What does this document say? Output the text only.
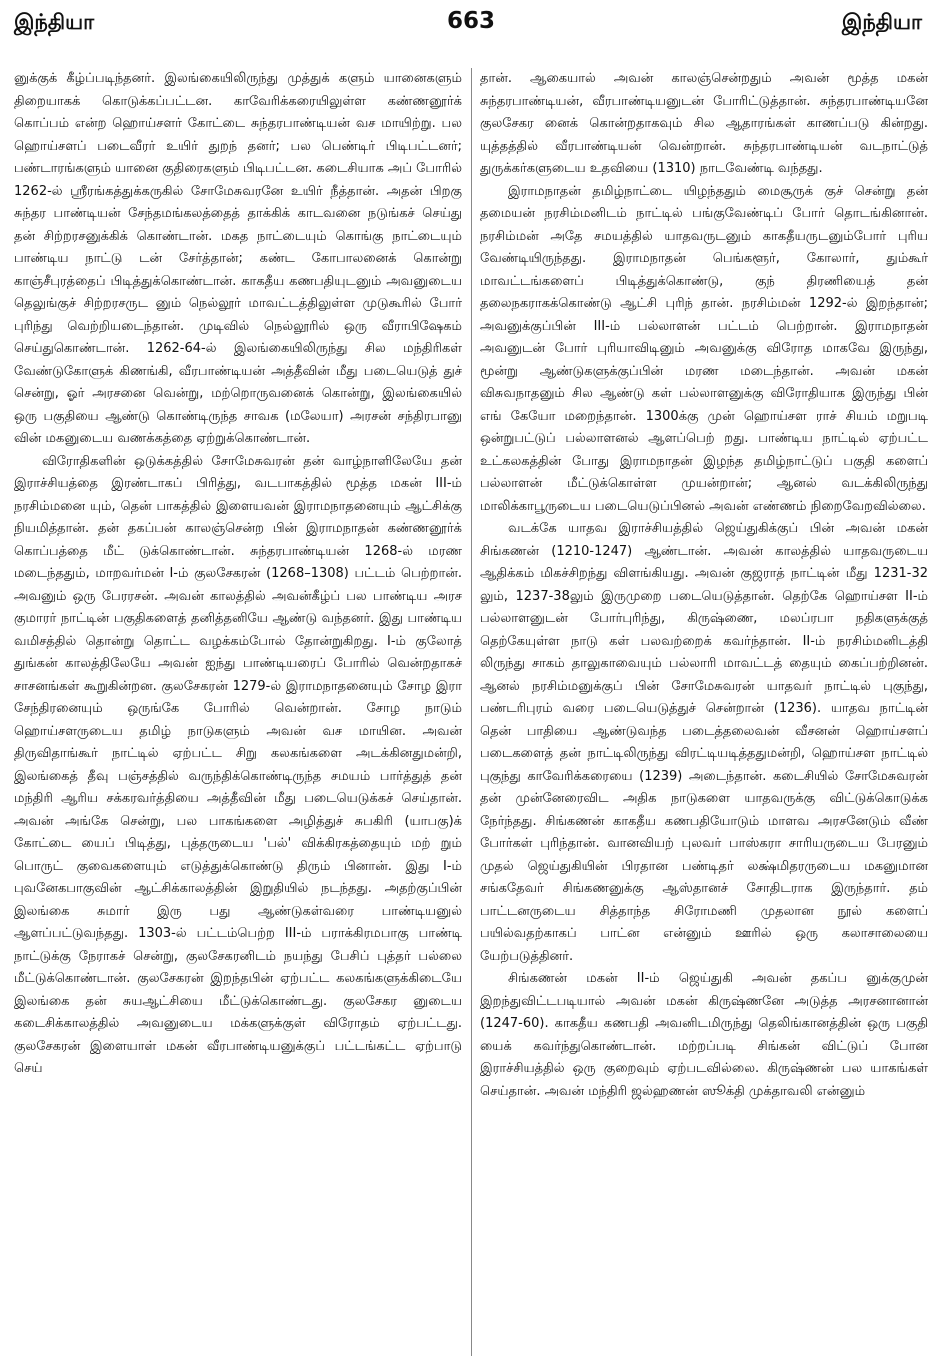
இந்தியா	663	இந்தியா

னுக்குக் கீழ்ப்படிந்தனர். இலங்கையிலிருந்து முத்துக் களும் யானைகளும் திறையாகக் கொடுக்கப்பட்டன. காவேரிக்கரையிலுள்ள கண்ணனூர்க் கொப்பம் என்ற ஹொய்சளர் கோட்டை சுந்தரபாண்டியன் வச மாயிற்று. பல ஹொய்சளப் படைவீரர் உயிர் துறந் தனர்; பல பெண்டிர் பிடிபட்டனர்; பண்டாரங்களும் யானை குதிரைகளும் பிடிபட்டன. கடைசியாக அப் போரில் 1262-ல் ஸ்ரீரங்கத்துக்கருகில் சோமேசுவரனே உயிர் நீத்தான். அதன் பிறகு சுந்தர பாண்டியன் சேந்தமங்கலத்தைத் தாக்கிக் காடவனை நடுங்கச் செய்து தன் சிற்றரசனுக்கிக் கொண்டான். மகத நாட்டையும் கொங்கு நாட்டையும் பாண்டிய நாட்டு டன் சேர்த்தான்; கண்ட கோபாலனைக் கொன்று காஞ்சீபுரத்தைப் பிடித்துக்கொண்டான். காகதீய கணபதியுடனும் அவனுடைய தெலுங்குச் சிற்றரசருட னும் நெல்லூர் மாவட்டத்திலுள்ள முடுகூரில் போர் புரிந்து வெற்றியடைந்தான். முடிவில் நெல்லூரில் ஒரு வீராபிஷேகம் செய்துகொண்டான். 1262-64-ல் இலங்கையிலிருந்து சில மந்திரிகள் வேண்டுகோளுக் கிணங்கி, வீரபாண்டியன் அத்தீவின் மீது படையெடுத் துச் சென்று, ஓர் அரசனை வென்று, மற்றொருவனைக் கொன்று, இலங்கையில் ஒரு பகுதியை ஆண்டு கொண்டிருந்த சாவக (மலேயா) அரசன் சந்திரபானு வின் மகனுடைய வணக்கத்தை ஏற்றுக்கொண்டான்.

விரோதிகளின் ஒடுக்கத்தில் சோமேசுவரன் தன் வாழ்நாளிலேயே தன் இராச்சியத்தை இரண்டாகப் பிரித்து, வடபாகத்தில் மூத்த மகன் III-ம் நரசிம்மனை யும், தென் பாகத்தில் இளையவன் இராமநாதனையும் ஆட்சிக்கு நியமித்தான். தன் தகப்பன் காலஞ்சென்ற பின் இராமநாதன் கண்ணனூர்க் கொப்பத்தை மீட் டுக்கொண்டான். சுந்தரபாண்டியன் 1268-ல் மரண மடைந்ததும், மாறவர்மன் I-ம் குலசேகரன் (1268–1308) பட்டம் பெற்றான். அவனும் ஒரு பேரரசன். அவன் காலத்தில் அவன்கீழ்ப் பல பாண்டிய அரச குமாரர் நாட்டின் பகுதிகளைத் தனித்தனியே ஆண்டு வந்தனர். இது பாண்டிய வமிசத்தில் தொன்று தொட்ட வழக்கம்போல் தோன்றுகிறது. I-ம் குலோத் துங்கன் காலத்திலேயே அவன் ஐந்து பாண்டியரைப் போரில் வென்றதாகச் சாசனங்கள் கூறுகின்றன. குலசேகரன் 1279-ல் இராமநாதனையும் சோழ இரா சேந்திரனையும் ஒருங்கே போரில் வென்றான். சோழ நாடும் ஹொய்சளருடைய தமிழ் நாடுகளும் அவன் வச மாயின. அவன் திருவிதாங்கூர் நாட்டில் ஏற்பட்ட சிறு கலகங்களை அடக்கினதுமன்றி, இலங்கைத் தீவு பஞ்சத்தில் வருந்திக்கொண்டிருந்த சமயம் பார்த்துத் தன் மந்திரி ஆரிய சக்கரவர்த்தியை அத்தீவின் மீது படையெடுக்கச் செய்தான். அவன் அங்கே சென்று, பல பாகங்களை அழித்துச் சுபகிரி (யாபகு)க் கோட்டை யைப் பிடித்து, புத்தருடைய 'பல்' விக்கிரகத்தையும் மற் றும் பொருட் குவைகளையும் எடுத்துக்கொண்டு திரும் பினான். இது I-ம் புவனேகபாகுவின் ஆட்சிக்காலத்தின் இறுதியில் நடந்தது. அதற்குப்பின் இலங்கை சுமார் இரு பது ஆண்டுகள்வரை பாண்டியனுல் ஆளப்பட்டுவந்தது. 1303-ல் பட்டம்பெற்ற III-ம் பராக்கிரமபாகு பாண்டி நாட்டுக்கு நேராகச் சென்று, குலசேகரனிடம் நயந்து பேசிப் புத்தர் பல்லை மீட்டுக்கொண்டான். குலசேகரன் இறந்தபின் ஏற்பட்ட கலகங்களுக்கிடையே இலங்கை தன் சுயஆட்சியை மீட்டுக்கொண்டது. குலசேகர னுடைய கடைசிக்காலத்தில் அவனுடைய மக்களுக்குள் விரோதம் ஏற்பட்டது. குலசேகரன் இளையாள் மகன் வீரபாண்டியனுக்குப் பட்டங்கட்ட ஏற்பாடு செய்

தான். ஆகையால் அவன் காலஞ்சென்றதும் அவன் மூத்த மகன் சுந்தரபாண்டியன், வீரபாண்டியனுடன் போரிட்டுத்தான். சுந்தரபாண்டியனே குலசேகர னைக் கொன்றதாகவும் சில ஆதாரங்கள் காணப்படு கின்றது. யுத்தத்தில் வீரபாண்டியன் வென்றான். சுந்தரபாண்டியன் வடநாட்டுத் துருக்கர்களுடைய உதவியை (1310) நாடவேண்டி வந்தது.

இராமநாதன் தமிழ்நாட்டை யிழந்ததும் மைசூருக் குச் சென்று தன் தமையன் நரசிம்மனிடம் நாட்டில் பங்குவேண்டிப் போர் தொடங்கினான். நரசிம்மன் அதே சமயத்தில் யாதவருடனும் காகதீயருடனும்போர் புரிய வேண்டியிருந்தது. இராமநாதன் பெங்களூர், கோலார், தும்கூர் மாவட்டங்களைப் பிடித்துக்கொண்டு, குந் திரணியைத் தன் தலைநகராகக்கொண்டு ஆட்சி புரிந் தான். நரசிம்மன் 1292-ல் இறந்தான்; அவனுக்குப்பின் III-ம் பல்லாளன் பட்டம் பெற்றான். இராமநாதன் அவனுடன் போர் புரியாவிடினும் அவனுக்கு விரோத மாகவே இருந்து, மூன்று ஆண்டுகளுக்குப்பின் மரண மடைந்தான். அவன் மகன் விசுவநாதனும் சில ஆண்டு கள் பல்லாளனுக்கு விரோதியாக இருந்து பின் எங் கேயோ மறைந்தான். 1300க்கு முன் ஹொய்சள ராச் சியம் மறுபடி ஒன்றுபட்டுப் பல்லாளனல் ஆளப்பெற் றது. பாண்டிய நாட்டில் ஏற்பட்ட உட்கலகத்தின் போது இராமநாதன் இழந்த தமிழ்நாட்டுப் பகுதி களைப் பல்லாளன் மீட்டுக்கொள்ள முயன்றான்; ஆனல் வடக்கிலிருந்து மாலிக்காபூருடைய படையெடுப்பினல் அவன் எண்ணம் நிறைவேறவில்லை.

வடக்கே யாதவ இராச்சியத்தில் ஜெய்துகிக்குப் பின் அவன் மகன் சிங்கணன் (1210-1247) ஆண்டான். அவன் காலத்தில் யாதவருடைய ஆதிக்கம் மிகச்சிறந்து விளங்கியது. அவன் குஜராத் நாட்டின் மீது 1231-32 லும், 1237-38லும் இருமுறை படையெடுத்தான். தெற்கே ஹொய்சள II-ம் பல்லாளனுடன் போர்புரிந்து, கிருஷ்ணை, மலப்ரபா நதிகளுக்குத் தெற்கேயுள்ள நாடு கள் பலவற்றைக் கவர்ந்தான். II-ம் நரசிம்மனிடத்தி லிருந்து சாகம் தாலுகாவையும் பல்லாரி மாவட்டத் தையும் கைப்பற்றினன். ஆனல் நரசிம்மனுக்குப் பின் சோமேசுவரன் யாதவர் நாட்டில் புகுந்து, பண்டரிபுரம் வரை படையெடுத்துச் சென்றான் (1236). யாதவ நாட்டின் தென் பாதியை ஆண்டுவந்த படைத்தலைவன் வீசனன் ஹொய்சளப் படைகளைத் தன் நாட்டிலிருந்து விரட்டியடித்ததுமன்றி, ஹொய்சள நாட்டில் புகுந்து காவேரிக்கரையை (1239) அடைந்தான். கடைசியில் சோமேசுவரன் தன் முன்னேரைவிட அதிக நாடுகளை யாதவருக்கு விட்டுக்கொடுக்க நேர்ந்தது. சிங்கணன் காகதீய கணபதியோடும் மாளவ அரசனேடும் வீண் போர்கள் புரிந்தான். வானவியற் புலவர் பாஸ்கரா சாரியருடைய பேரனும் முதல் ஜெய்துகியின் பிரதான பண்டிதர் லக்ஷ்மிதரருடைய மகனுமான சங்கதேவர் சிங்கணனுக்கு ஆஸ்தானச் சோதிடராக இருந்தார். தம் பாட்டனருடைய சித்தாந்த சிரோமணி முதலான நூல் களைப் பயில்வதற்காகப் பாட்ன என்னும் ஊரில் ஒரு கலாசாலையை யேற்படுத்தினர்.

சிங்கணன் மகன் II-ம் ஜெய்துகி அவன் தகப்ப னுக்குமுன் இறந்துவிட்டபடியால் அவன் மகன் கிருஷ்ணனே அடுத்த அரசனானான் (1247-60). காகதீய கணபதி அவனிடமிருந்து தெலிங்கானத்தின் ஒரு பகுதி யைக் கவர்ந்துகொண்டான். மற்றப்படி சிங்கன் விட்டுப் போன இராச்சியத்தில் ஒரு குறைவும் ஏற்படவில்லை. கிருஷ்ணன் பல யாகங்கள் செய்தான். அவன் மந்திரி ஜல்ஹணன் ஸூக்தி முக்தாவலி என்னும்
